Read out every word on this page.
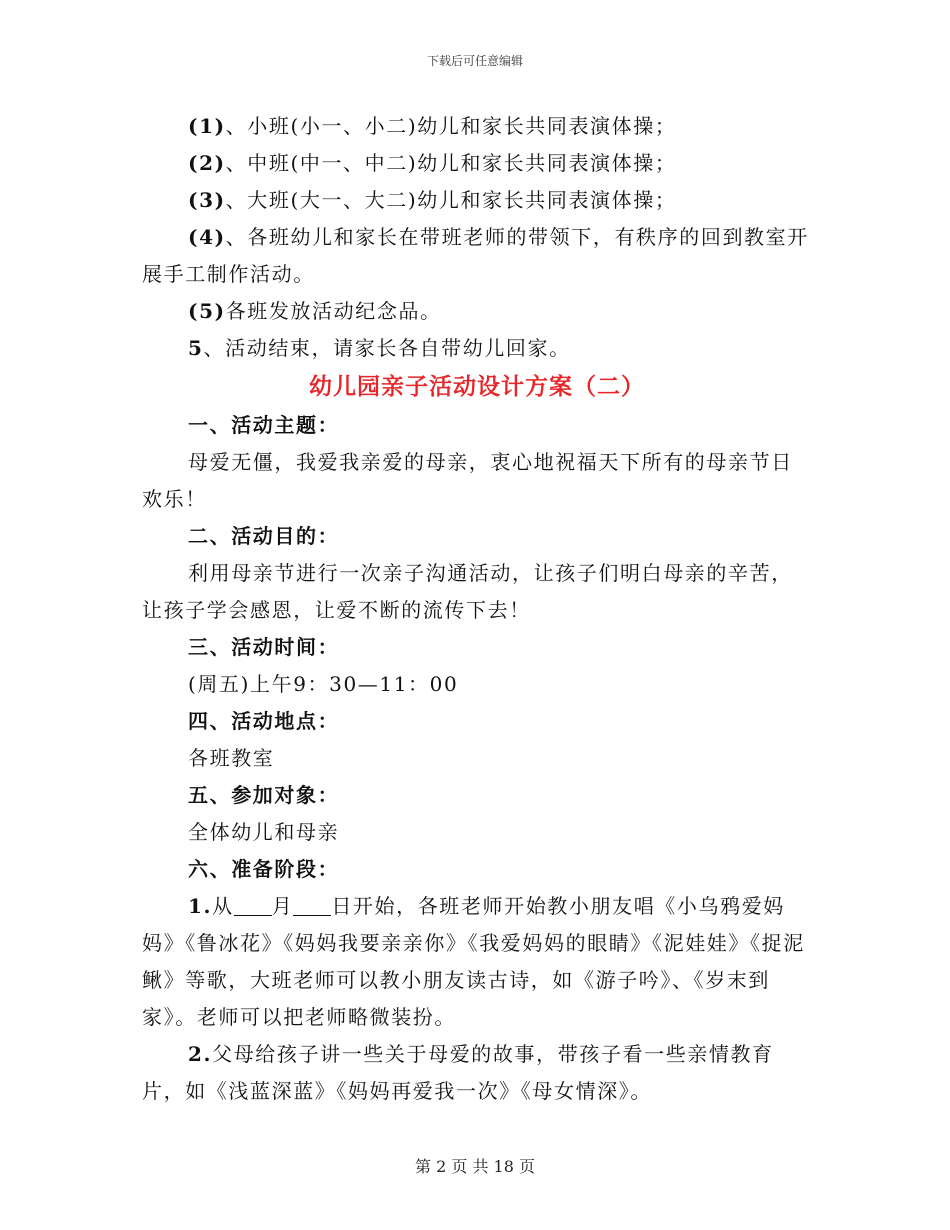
下载后可任意编辑

(1)、小班(小一、小二)幼儿和家长共同表演体操；

(2)、中班(中一、中二)幼儿和家长共同表演体操；

(3)、大班(大一、大二)幼儿和家长共同表演体操；

(4)、各班幼儿和家长在带班老师的带领下，有秩序的回到教室开展手工制作活动。

(5)各班发放活动纪念品。

5、活动结束，请家长各自带幼儿回家。

幼儿园亲子活动设计方案（二）

一、活动主题：

母爱无僵，我爱我亲爱的母亲，衷心地祝福天下所有的母亲节日欢乐！

二、活动目的：

利用母亲节进行一次亲子沟通活动，让孩子们明白母亲的辛苦，让孩子学会感恩，让爱不断的流传下去！

三、活动时间：

(周五)上午9：30—11：00

四、活动地点：

各班教室

五、参加对象：

全体幼儿和母亲

六、准备阶段：

1.从 月 日开始，各班老师开始教小朋友唱《小乌鸦爱妈妈》《鲁冰花》《妈妈我要亲亲你》《我爱妈妈的眼睛》《泥娃娃》《捉泥鳅》等歌，大班老师可以教小朋友读古诗，如《游子吟》、《岁末到家》。老师可以把老师略微装扮。

2.父母给孩子讲一些关于母爱的故事，带孩子看一些亲情教育片，如《浅蓝深蓝》《妈妈再爱我一次》《母女情深》。

第 2 页 共 18 页
